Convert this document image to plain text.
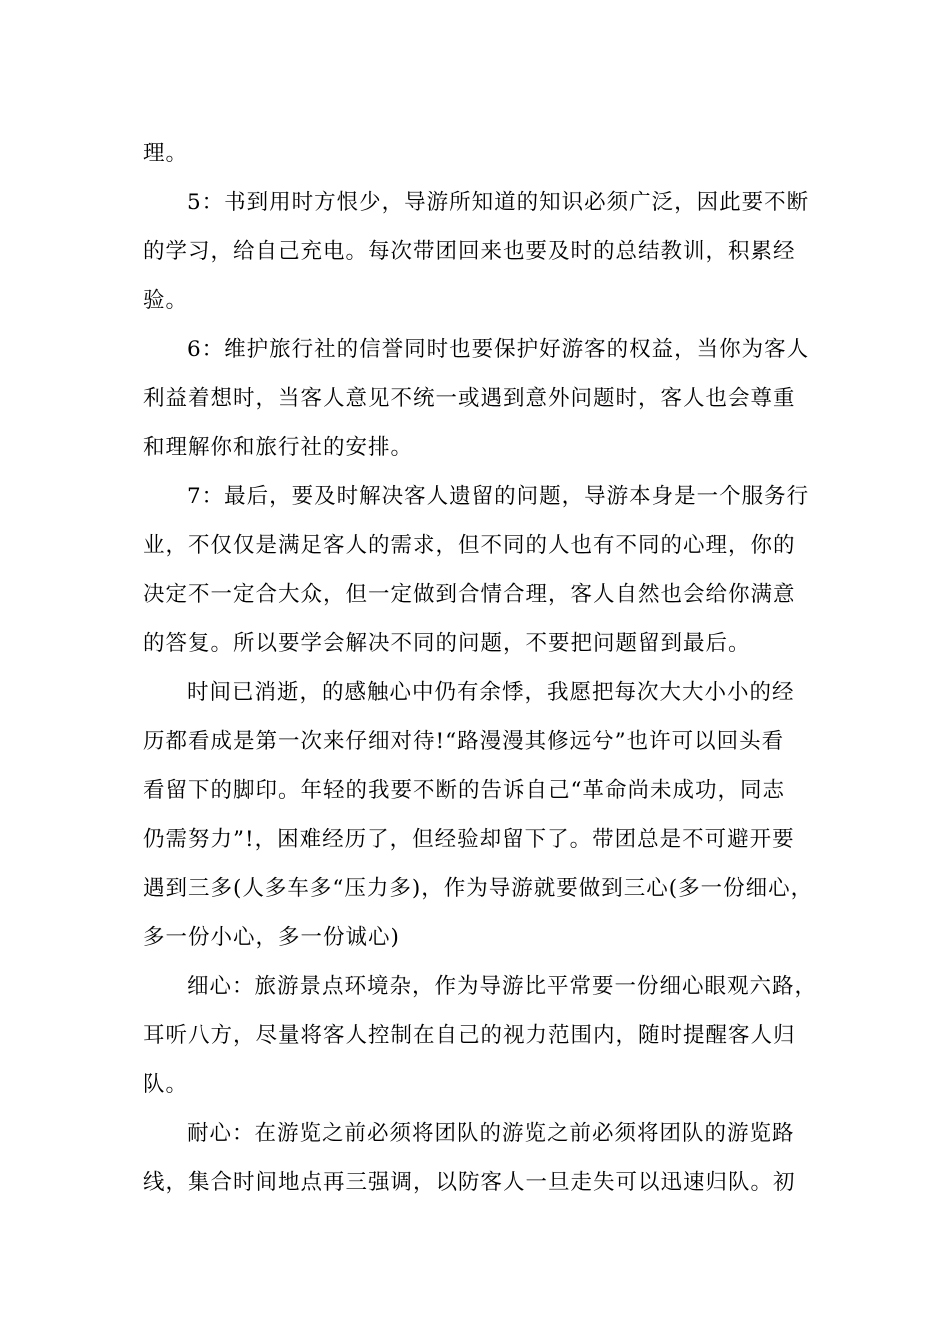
理。
5：书到用时方恨少，导游所知道的知识必须广泛，因此要不断
的学习，给自己充电。每次带团回来也要及时的总结教训，积累经
验。
6：维护旅行社的信誉同时也要保护好游客的权益，当你为客人
利益着想时，当客人意见不统一或遇到意外问题时，客人也会尊重
和理解你和旅行社的安排。
7：最后，要及时解决客人遗留的问题，导游本身是一个服务行
业，不仅仅是满足客人的需求，但不同的人也有不同的心理，你的
决定不一定合大众，但一定做到合情合理，客人自然也会给你满意
的答复。所以要学会解决不同的问题，不要把问题留到最后。
时间已消逝，的感触心中仍有余悸，我愿把每次大大小小的经
历都看成是第一次来仔细对待!“路漫漫其修远兮”也许可以回头看
看留下的脚印。年轻的我要不断的告诉自己“革命尚未成功，同志
仍需努力”!，困难经历了，但经验却留下了。带团总是不可避开要
遇到三多(人多车多“压力多)，作为导游就要做到三心(多一份细心，
多一份小心，多一份诚心)
细心：旅游景点环境杂，作为导游比平常要一份细心眼观六路，
耳听八方，尽量将客人控制在自己的视力范围内，随时提醒客人归
队。
耐心：在游览之前必须将团队的游览之前必须将团队的游览路
线，集合时间地点再三强调，以防客人一旦走失可以迅速归队。初
